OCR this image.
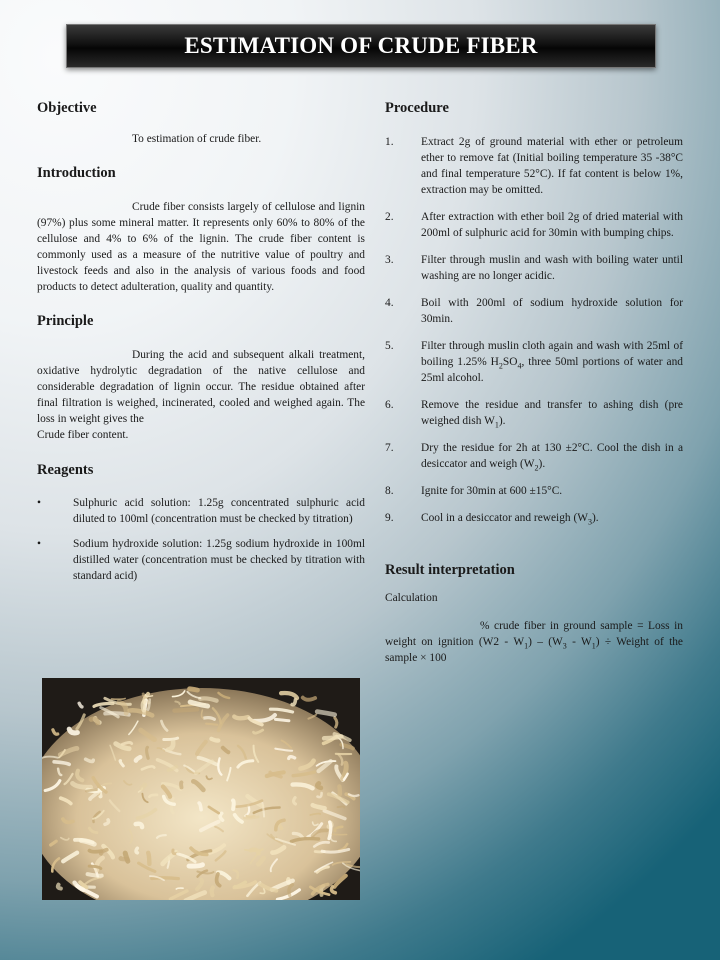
ESTIMATION OF CRUDE FIBER
Objective

To estimation of crude fiber.

Introduction

Crude fiber consists largely of cellulose and lignin (97%) plus some mineral matter. It represents only 60% to 80% of the cellulose and 4% to 6% of the lignin. The crude fiber content is commonly used as a measure of the nutritive value of poultry and livestock feeds and also in the analysis of various foods and food products to detect adulteration, quality and quantity.

Principle

During the acid and subsequent alkali treatment, oxidative hydrolytic degradation of the native cellulose and considerable degradation of lignin occur. The residue obtained after final filtration is weighed, incinerated, cooled and weighed again. The loss in weight gives the

Crude fiber content.

Reagents
•	Sulphuric acid solution: 1.25g concentrated sulphuric acid diluted to 100ml (concentration must be checked by titration)
•	Sodium hydroxide solution: 1.25g sodium hydroxide in 100ml distilled water (concentration must be checked by titration with standard acid)
Procedure
1. Extract 2g of ground material with ether or petroleum ether to remove fat (Initial boiling temperature 35 -38°C and final temperature 52°C). If fat content is below 1%, extraction may be omitted.
2. After extraction with ether boil 2g of dried material with 200ml of sulphuric acid for 30min with bumping chips.
3. Filter through muslin and wash with boiling water until washing are no longer acidic.
4. Boil with 200ml of sodium hydroxide solution for 30min.
5. Filter through muslin cloth again and wash with 25ml of boiling 1.25% $H_2SO_4$, three 50ml portions of water and 25ml alcohol.
6. Remove the residue and transfer to ashing dish (pre weighed dish $W_1$).
7. Dry the residue for 2h at 130 ±2°C. Cool the dish in a desiccator and weigh $(W_2)$.
8. Ignite for 30min at 600 ±15°C.
9. Cool in a desiccator and reweigh $(W_3)$.
Result interpretation

Calculation

% crude fiber in ground sample = Loss in weight on ignition $(W2 - W_1) - (W_3 - W_1)$ ÷ Weight of the sample × 100
